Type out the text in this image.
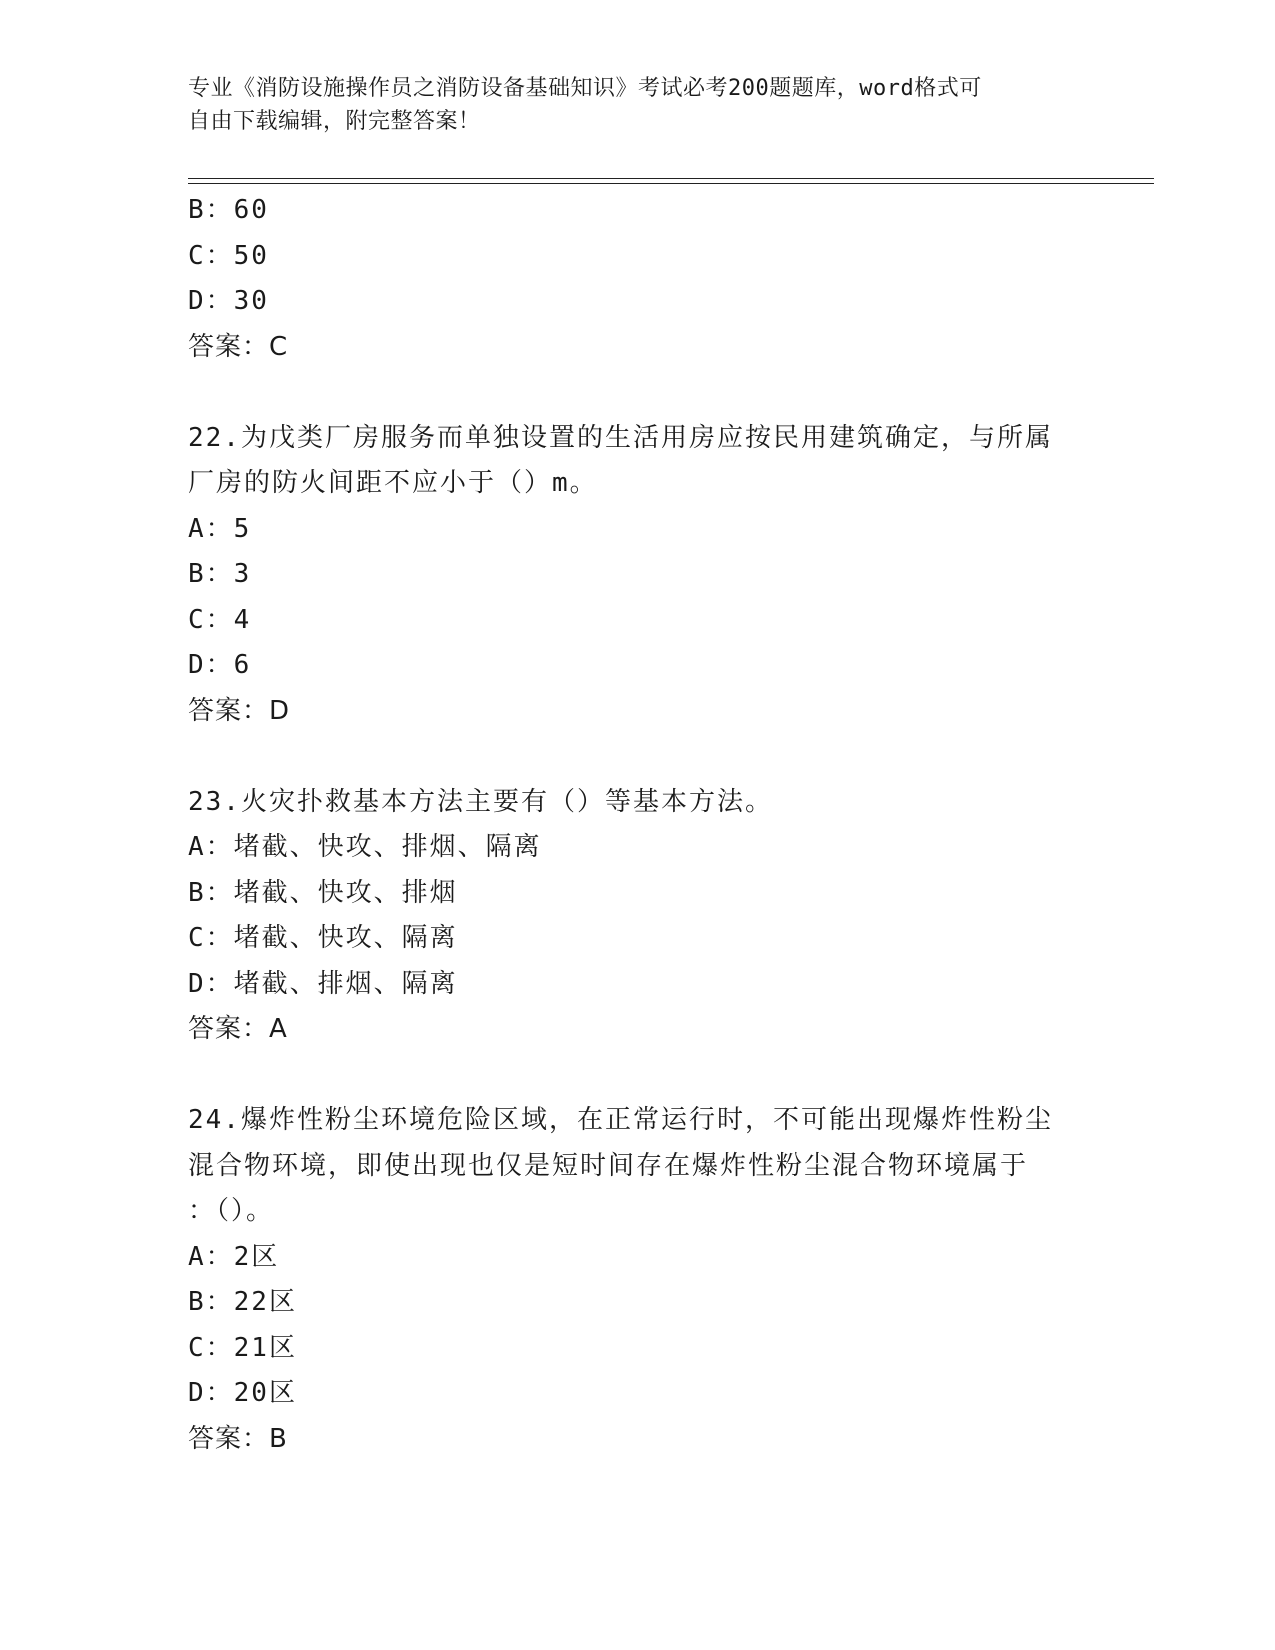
专业《消防设施操作员之消防设备基础知识》考试必考200题题库，word格式可
自由下载编辑，附完整答案！
B：60
C：50
D：30
答案：C
22.为戊类厂房服务而单独设置的生活用房应按民用建筑确定，与所属
厂房的防火间距不应小于（）m。
A：5
B：3
C：4
D：6
答案：D
23.火灾扑救基本方法主要有（）等基本方法。
A：堵截、快攻、排烟、隔离
B：堵截、快攻、排烟
C：堵截、快攻、隔离
D：堵截、排烟、隔离
答案：A
24.爆炸性粉尘环境危险区域，在正常运行时，不可能出现爆炸性粉尘
混合物环境，即使出现也仅是短时间存在爆炸性粉尘混合物环境属于
：（）。
A：2区
B：22区
C：21区
D：20区
答案：B
